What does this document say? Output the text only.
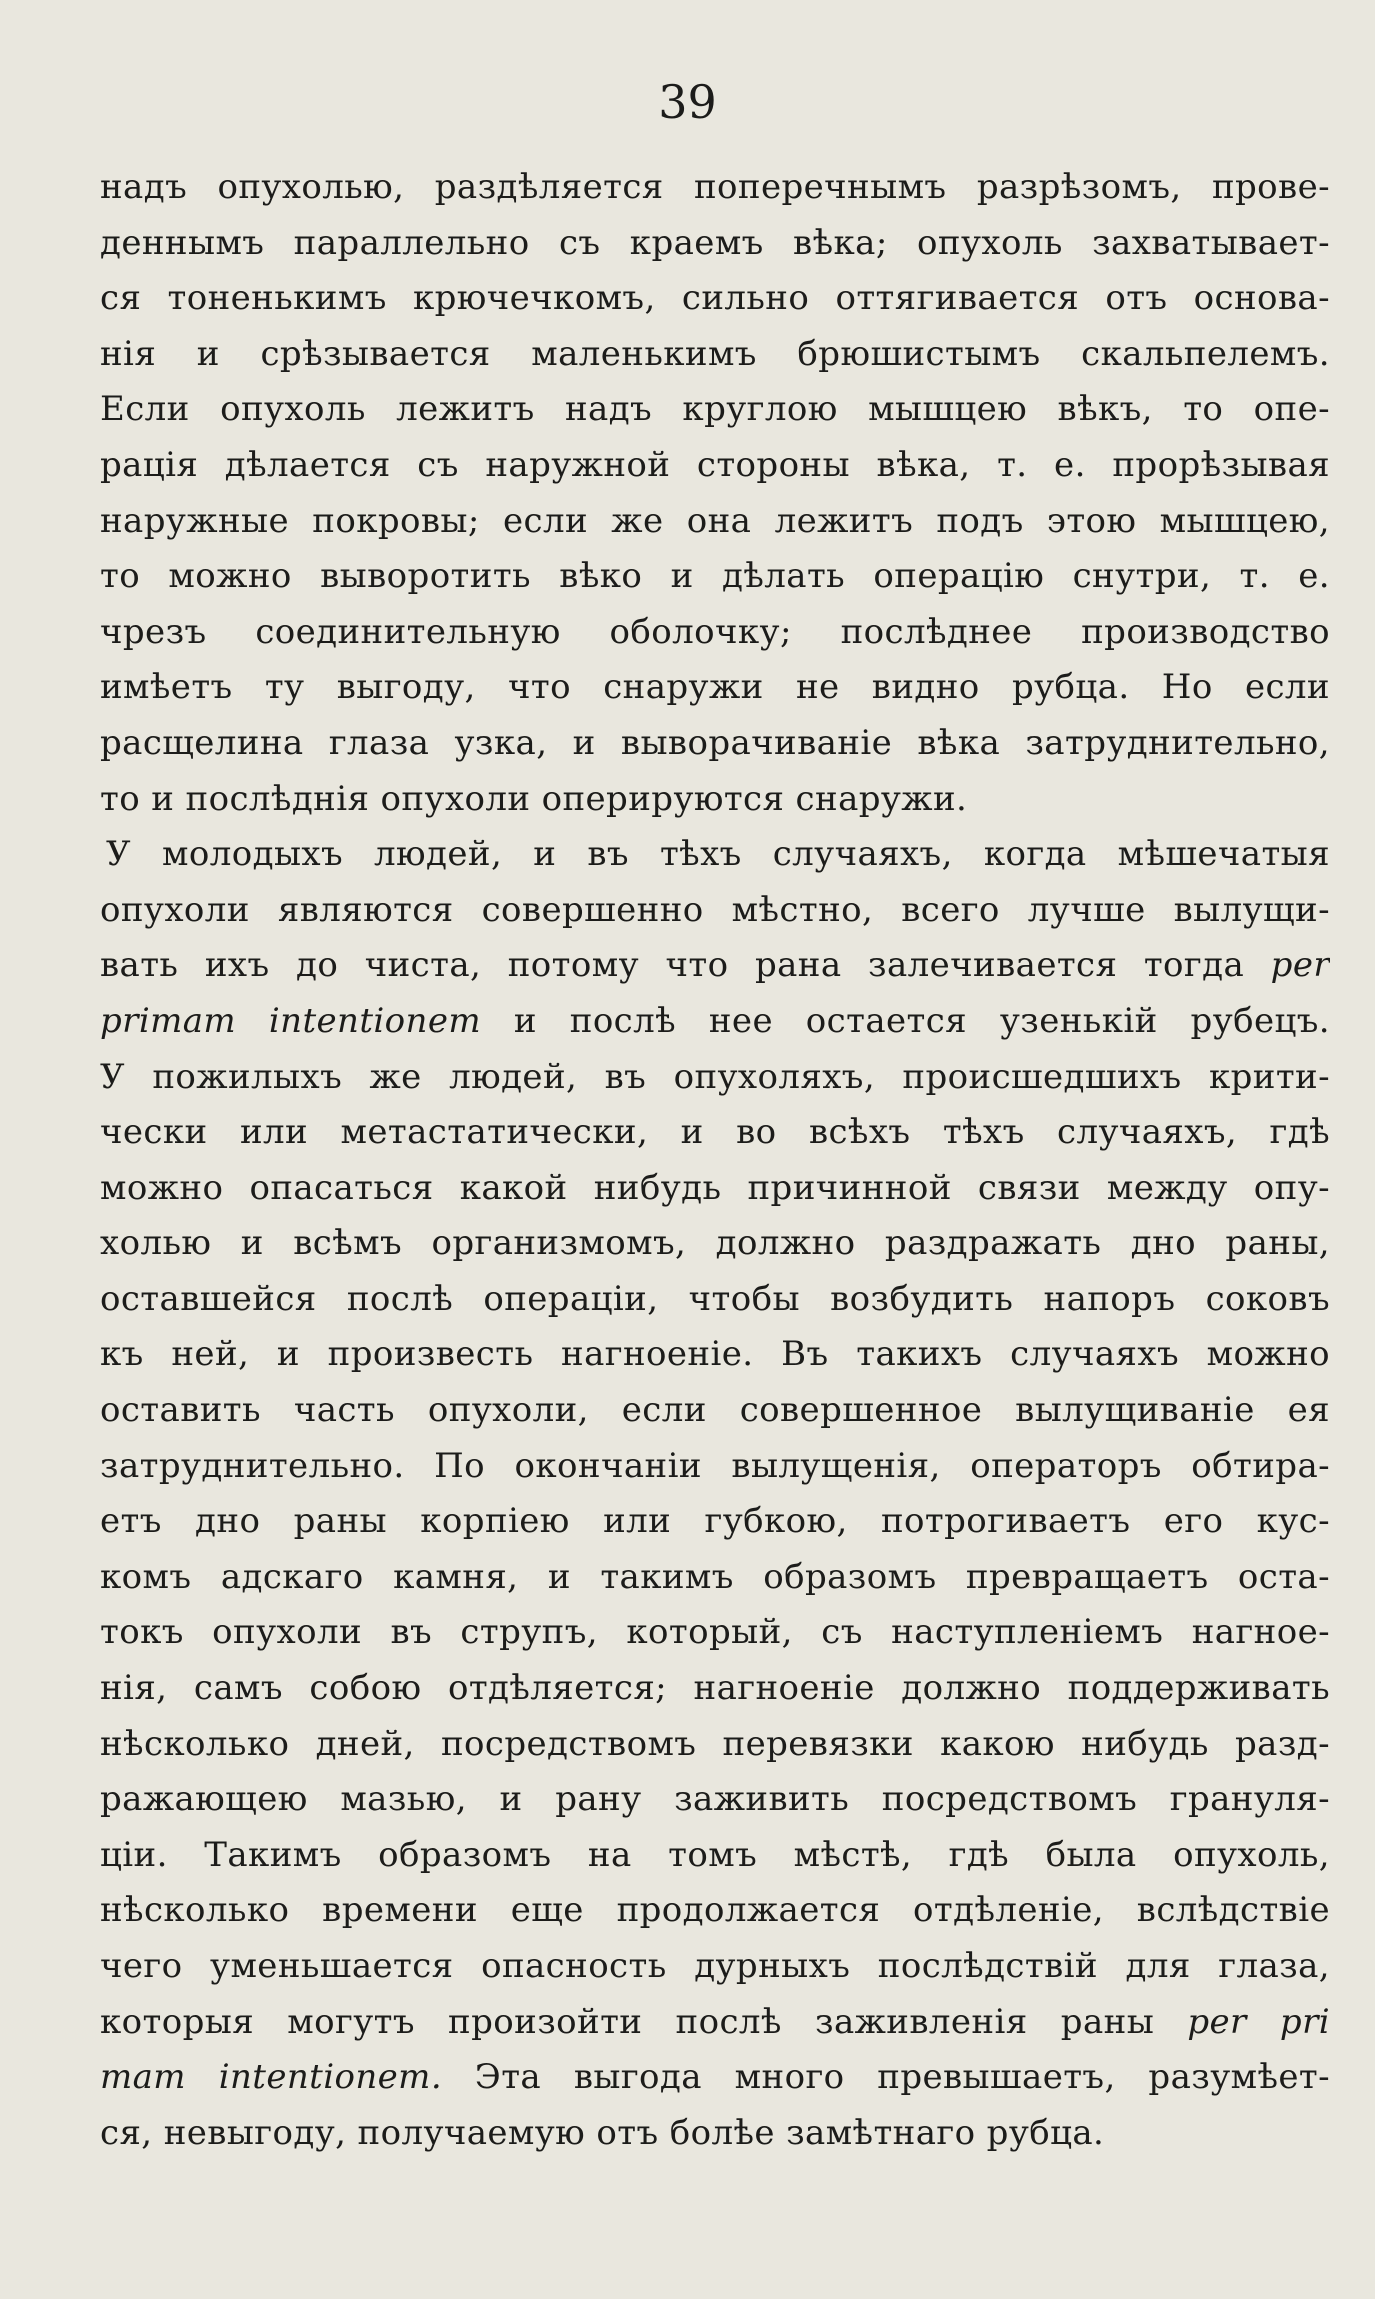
39
надъ опухолью, раздѣляется поперечнымъ разрѣзомъ, прове-
деннымъ параллельно съ краемъ вѣка; опухоль захватывает-
ся тоненькимъ крючечкомъ, сильно оттягивается отъ основа-
нія и срѣзывается маленькимъ брюшистымъ скальпелемъ.
Если опухоль лежитъ надъ круглою мышцею вѣкъ, то опе-
рація дѣлается съ наружной стороны вѣка, т. е. прорѣзывая
наружные покровы; если же она лежитъ подъ этою мышцею,
то можно выворотить вѣко и дѣлать операцію снутри, т. е.
чрезъ соединительную оболочку; послѣднее производство
имѣетъ ту выгоду, что снаружи не видно рубца. Но если
расщелина глаза узка, и выворачиванiе вѣка затруднительно,
то и послѣднія опухоли оперируются снаружи.
У молодыхъ людей, и въ тѣхъ случаяхъ, когда мѣшечатыя
опухоли являются совершенно мѣстно, всего лучше вылущи-
вать ихъ до чиста, потому что рана залечивается тогда per
primam intentionem и послѣ нее остается узенькiй рубецъ.
У пожилыхъ же людей, въ опухоляхъ, происшедшихъ крити-
чески или метастатически, и во всѣхъ тѣхъ случаяхъ, гдѣ
можно опасаться какой нибудь причинной связи между опу-
холью и всѣмъ организмомъ, должно раздражать дно раны,
оставшейся послѣ операціи, чтобы возбудить напоръ соковъ
къ ней, и произвесть нагноенiе. Въ такихъ случаяхъ можно
оставить часть опухоли, если совершенное вылущиванiе ея
затруднительно. По окончаніи вылущенія, операторъ обтира-
етъ дно раны корпіею или губкою, потрогиваетъ его кус-
комъ адскаго камня, и такимъ образомъ превращаетъ оста-
токъ опухоли въ струпъ, который, съ наступленiемъ нагное-
нія, самъ собою отдѣляется; нагноенiе должно поддерживать
нѣсколько дней, посредствомъ перевязки какою нибудь разд-
ражающею мазью, и рану заживить посредствомъ грануля-
ціи. Такимъ образомъ на томъ мѣстѣ, гдѣ была опухоль,
нѣсколько времени еще продолжается отдѣленiе, вслѣдствiе
чего уменьшается опасность дурныхъ послѣдствiй для глаза,
которыя могутъ произойти послѣ заживленія раны per pri
mam intentionem. Эта выгода много превышаетъ, разумѣет-
ся, невыгоду, получаемую отъ болѣе замѣтнаго рубца.
